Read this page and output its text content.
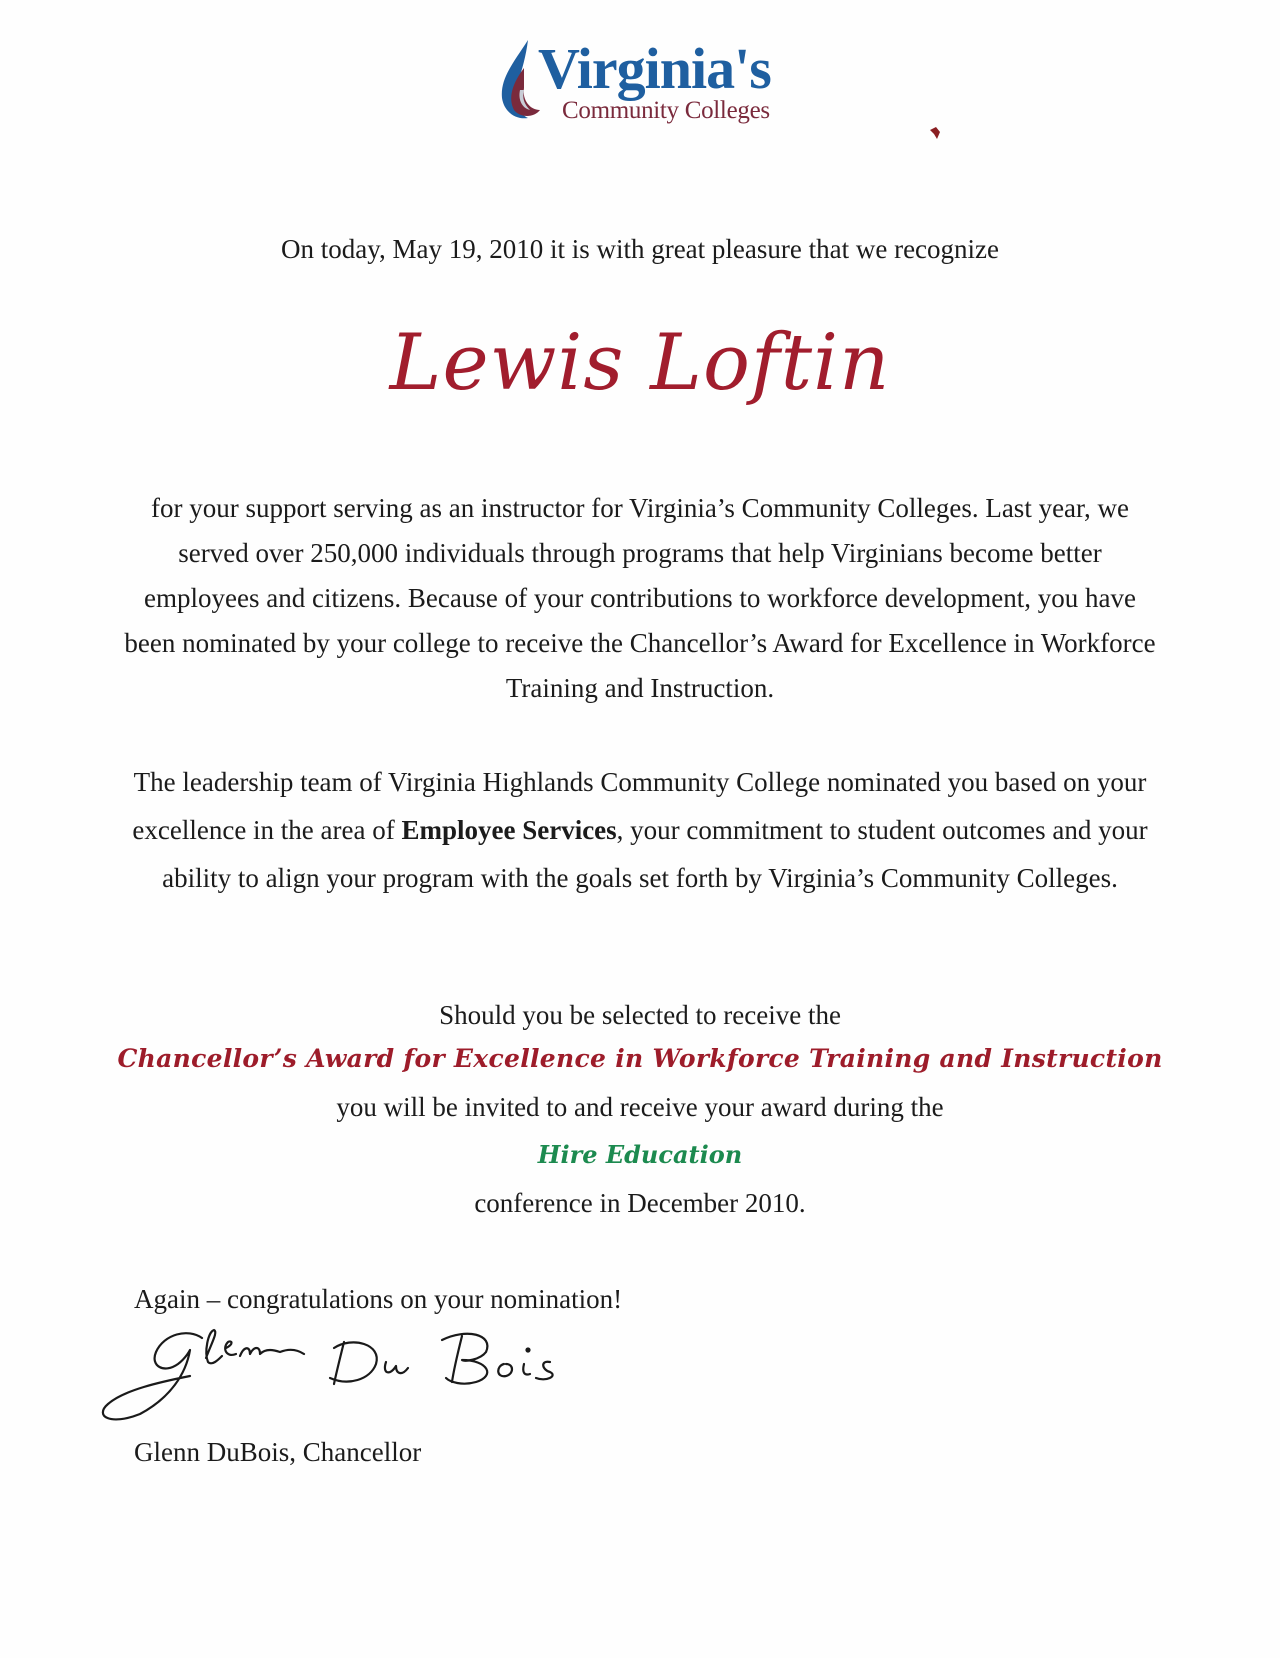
Virginia's
Community Colleges
On today, May 19, 2010 it is with great pleasure that we recognize
Lewis Loftin
for your support serving as an instructor for Virginia’s Community Colleges. Last year, we served over 250,000 individuals through programs that help Virginians become better employees and citizens. Because of your contributions to workforce development, you have been nominated by your college to receive the Chancellor’s Award for Excellence in Workforce Training and Instruction.
The leadership team of Virginia Highlands Community College nominated you based on your excellence in the area of Employee Services, your commitment to student outcomes and your ability to align your program with the goals set forth by Virginia’s Community Colleges.
Should you be selected to receive the
Chancellor’s Award for Excellence in Workforce Training and Instruction
you will be invited to and receive your award during the
Hire Education
conference in December 2010.
Again – congratulations on your nomination!
Glenn DuBois, Chancellor
